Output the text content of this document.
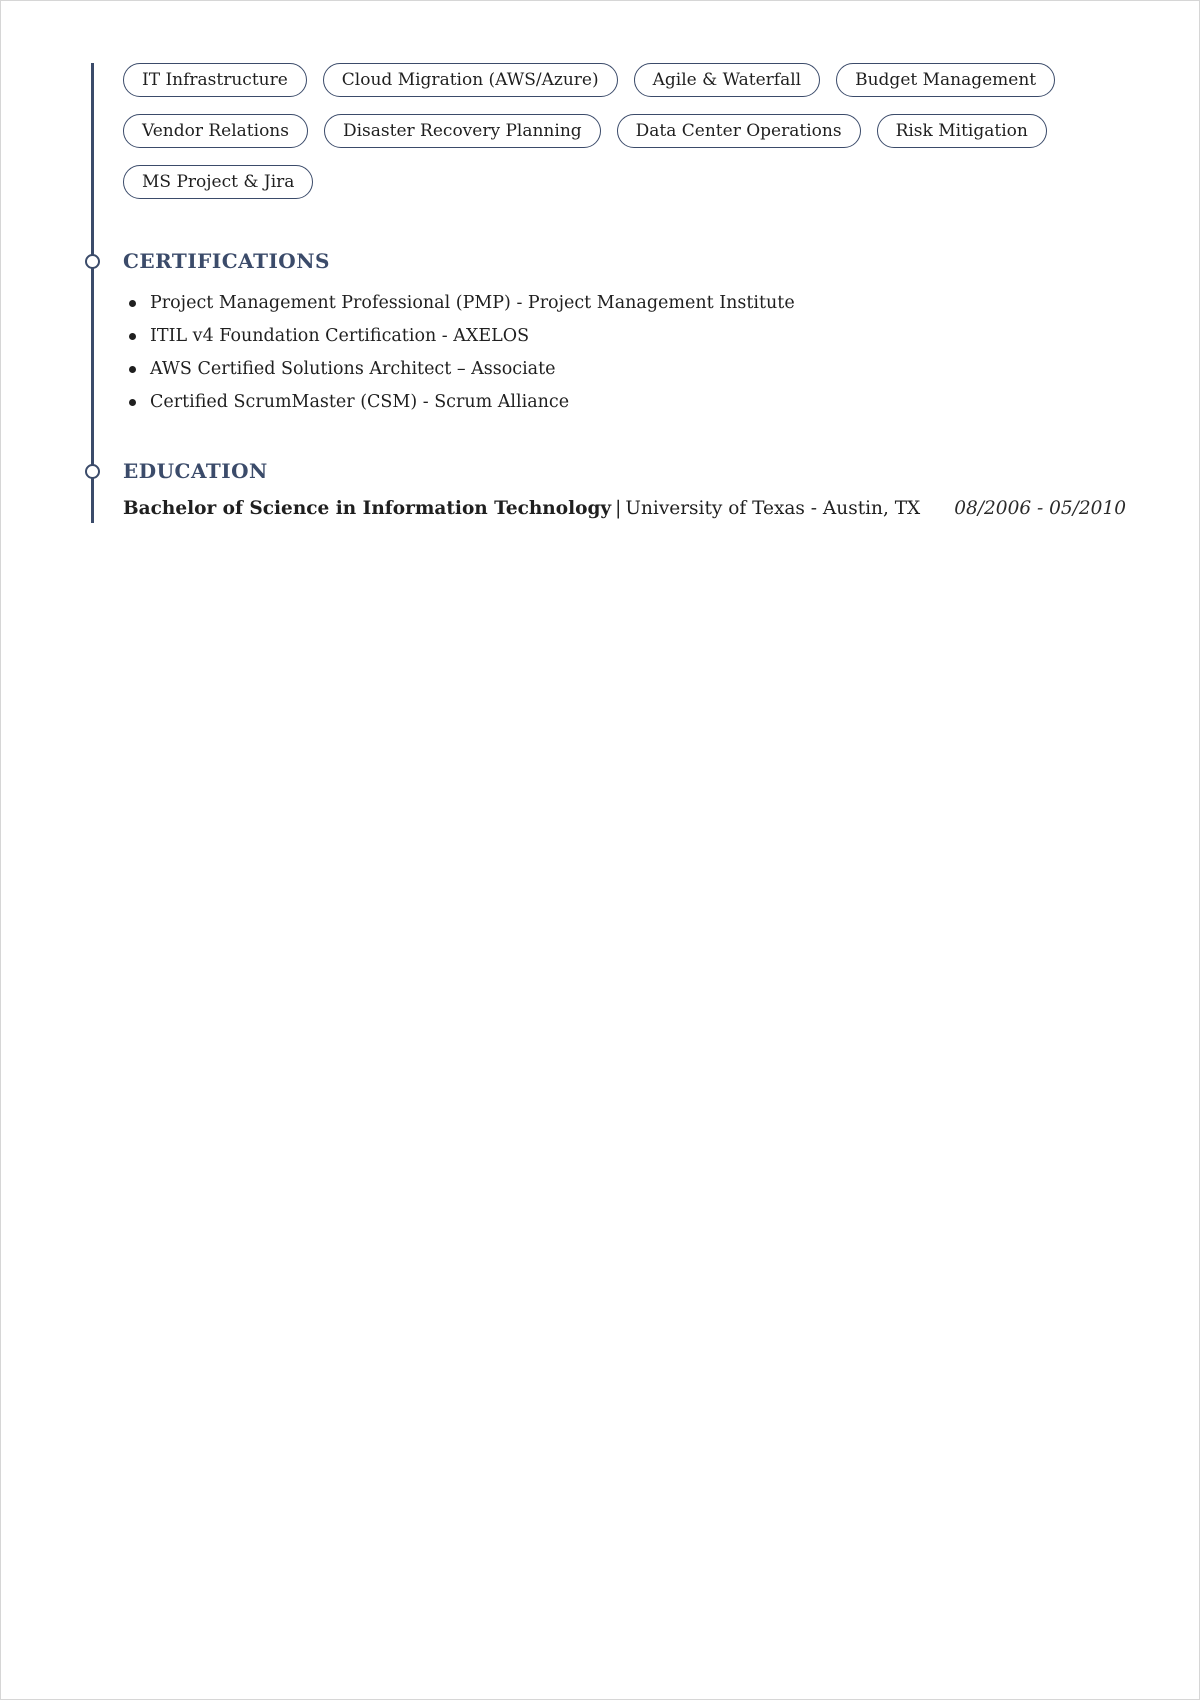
IT Infrastructure	Cloud Migration (AWS/Azure)	Agile & Waterfall	Budget Management
Vendor Relations	Disaster Recovery Planning	Data Center Operations	Risk Mitigation
MS Project & Jira
CERTIFICATIONS
Project Management Professional (PMP) - Project Management Institute
ITIL v4 Foundation Certification - AXELOS
AWS Certified Solutions Architect – Associate
Certified ScrumMaster (CSM) - Scrum Alliance
EDUCATION
Bachelor of Science in Information Technology | University of Texas - Austin, TX 08/2006 - 05/2010
